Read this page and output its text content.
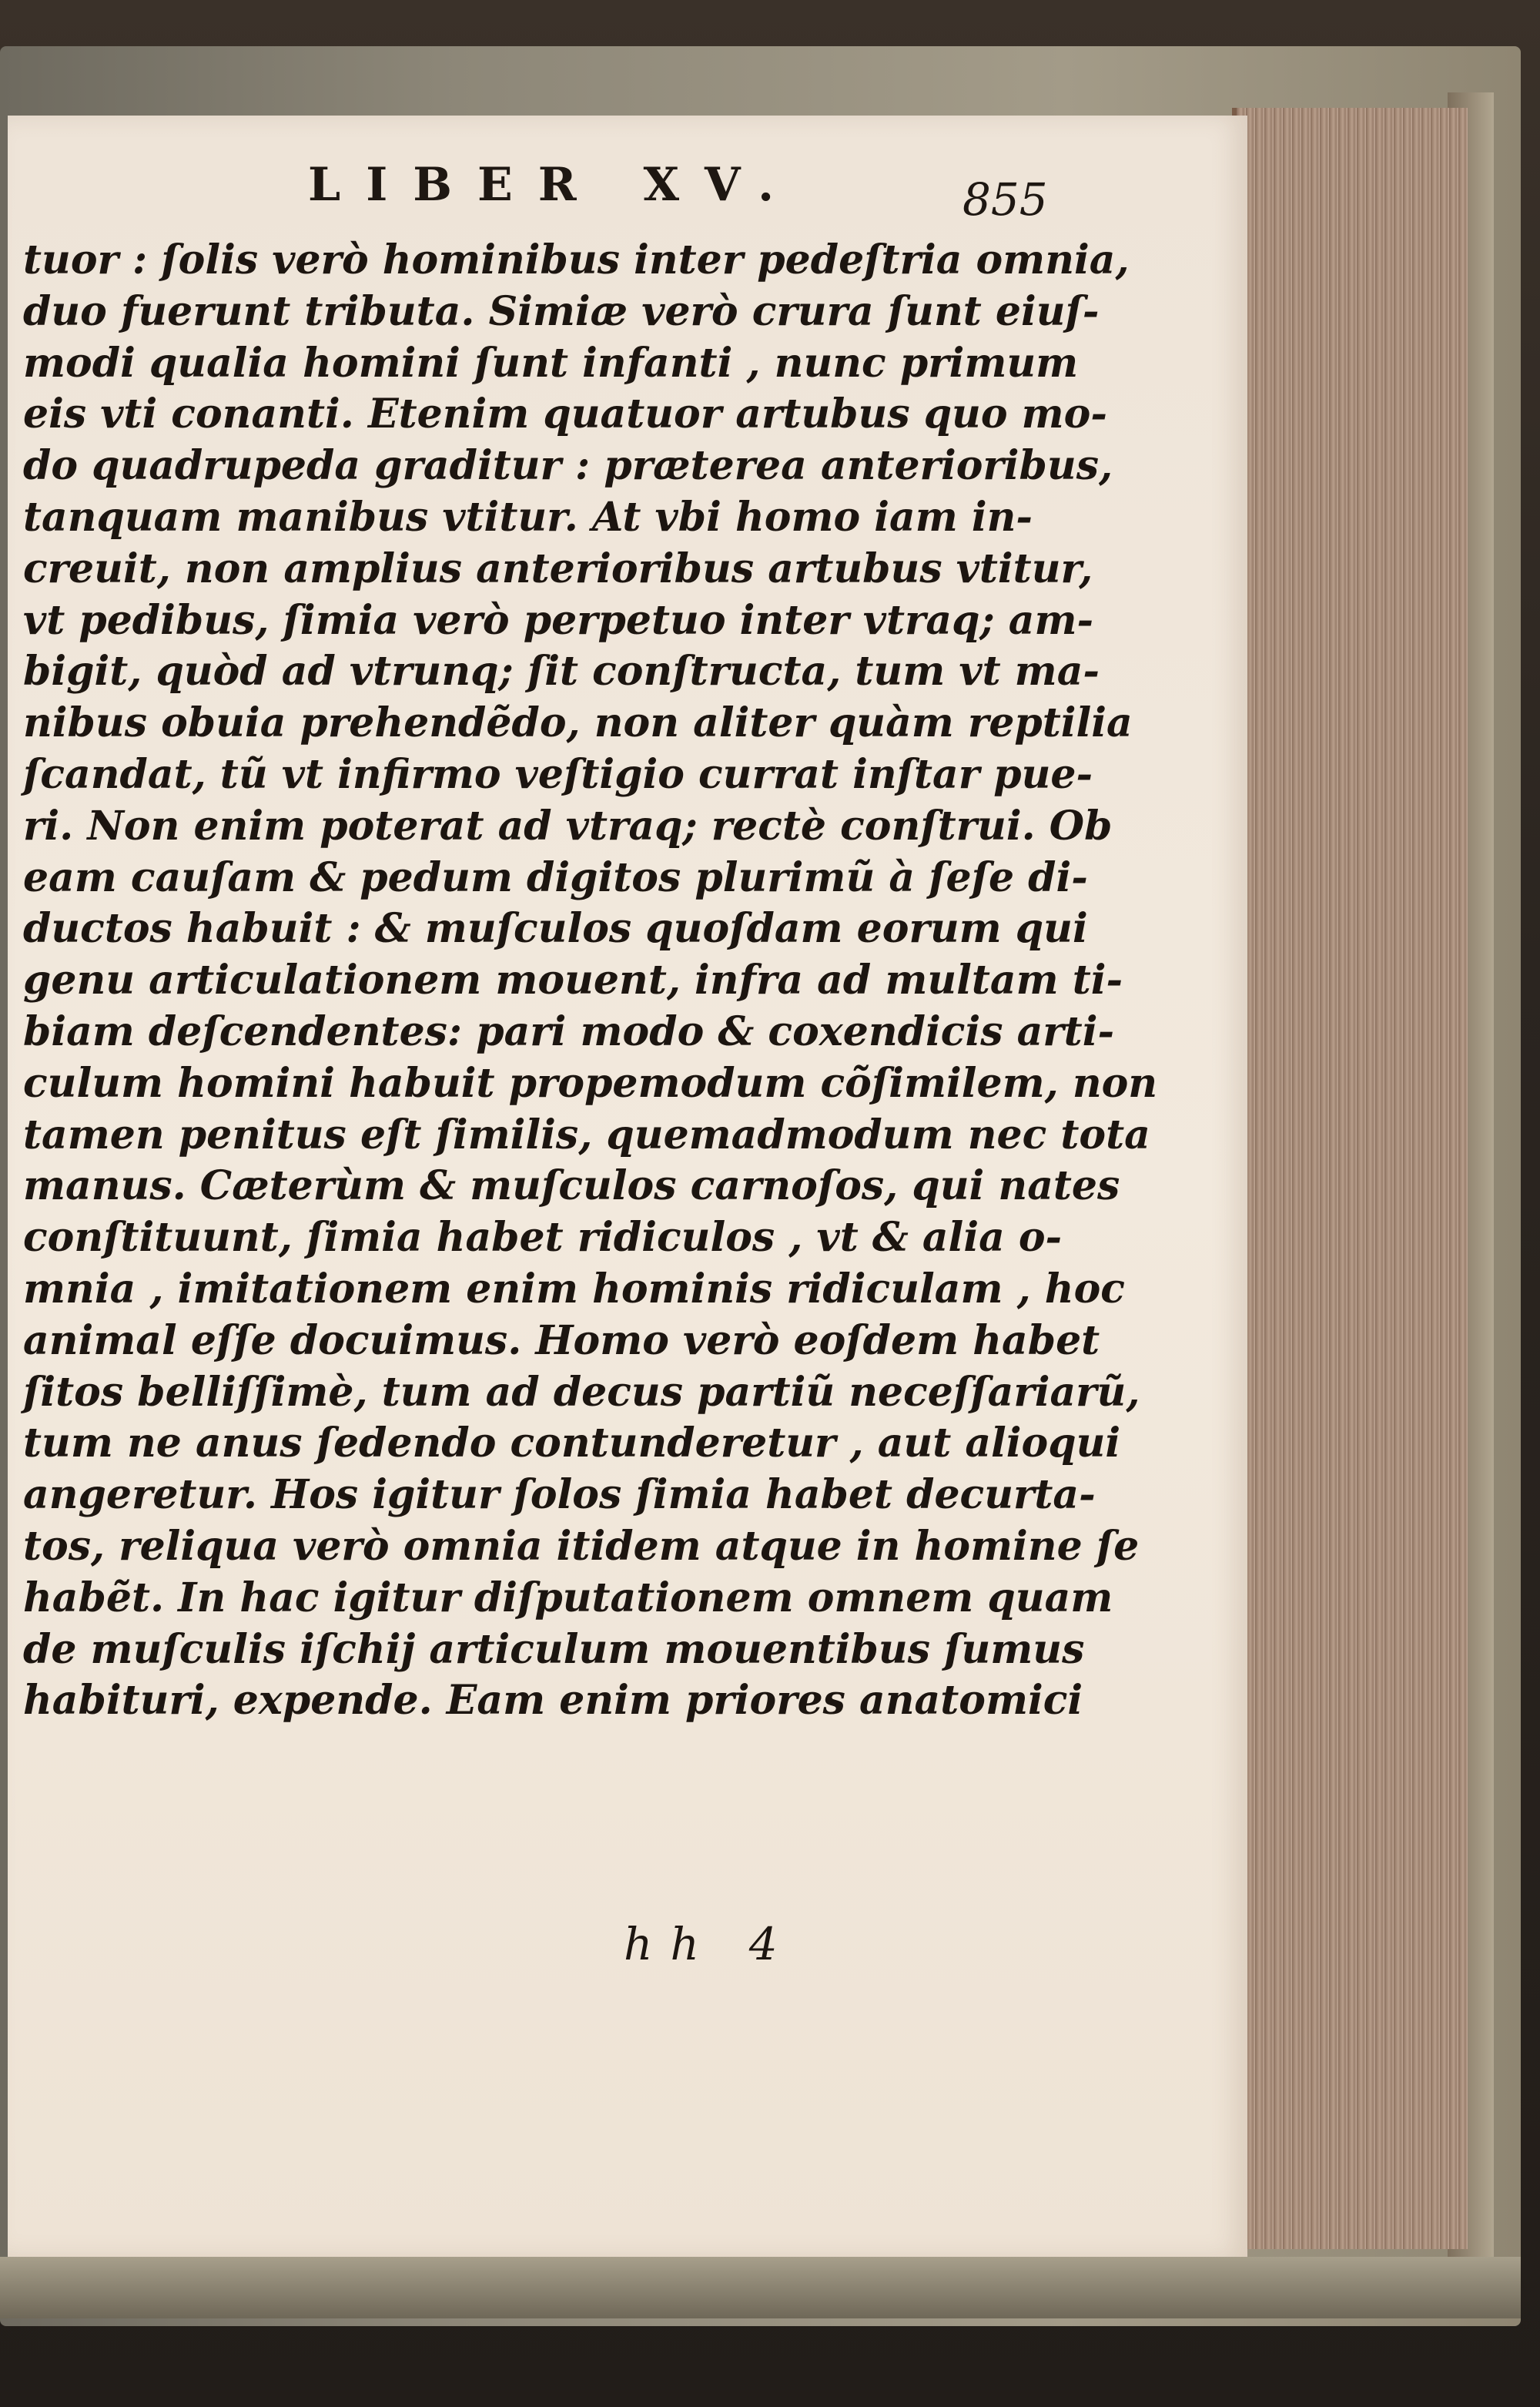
LIBER XV.	855
tuor : ſolis verò hominibus inter pedeſtria omnia,
duo fuerunt tributa. Simiæ verò crura ſunt eiuſ-
modi qualia homini ſunt infanti , nunc primum
eis vti conanti. Etenim quatuor artubus quo mo-
do quadrupeda graditur : præterea anterioribus,
tanquam manibus vtitur. At vbi homo iam in-
creuit, non amplius anterioribus artubus vtitur,
vt pedibus, ſimia verò perpetuo inter vtraq; am-
bigit, quòd ad vtrunq; ſit conſtructa, tum vt ma-
nibus obuia prehendẽdo, non aliter quàm reptilia
ſcandat, tũ vt infirmo veſtigio currat inſtar pue-
ri. Non enim poterat ad vtraq; rectè conſtrui. Ob
eam cauſam & pedum digitos plurimũ à ſeſe di-
ductos habuit : & muſculos quoſdam eorum qui
genu articulationem mouent, infra ad multam ti-
biam deſcendentes: pari modo & coxendicis arti-
culum homini habuit propemodum cõſimilem, non
tamen penitus eſt ſimilis, quemadmodum nec tota
manus. Cæterùm & muſculos carnoſos, qui nates
conſtituunt, ſimia habet ridiculos , vt & alia o-
mnia , imitationem enim hominis ridiculam , hoc
animal eſſe docuimus. Homo verò eoſdem habet
ſitos belliſſimè, tum ad decus partiũ neceſſariarũ,
tum ne anus ſedendo contunderetur , aut alioqui
angeretur. Hos igitur ſolos ſimia habet decurta-
tos, reliqua verò omnia itidem atque in homine ſe
habẽt. In hac igitur diſputationem omnem quam
de muſculis iſchij articulum mouentibus ſumus
habituri, expende. Eam enim priores anatomici
hh 4
